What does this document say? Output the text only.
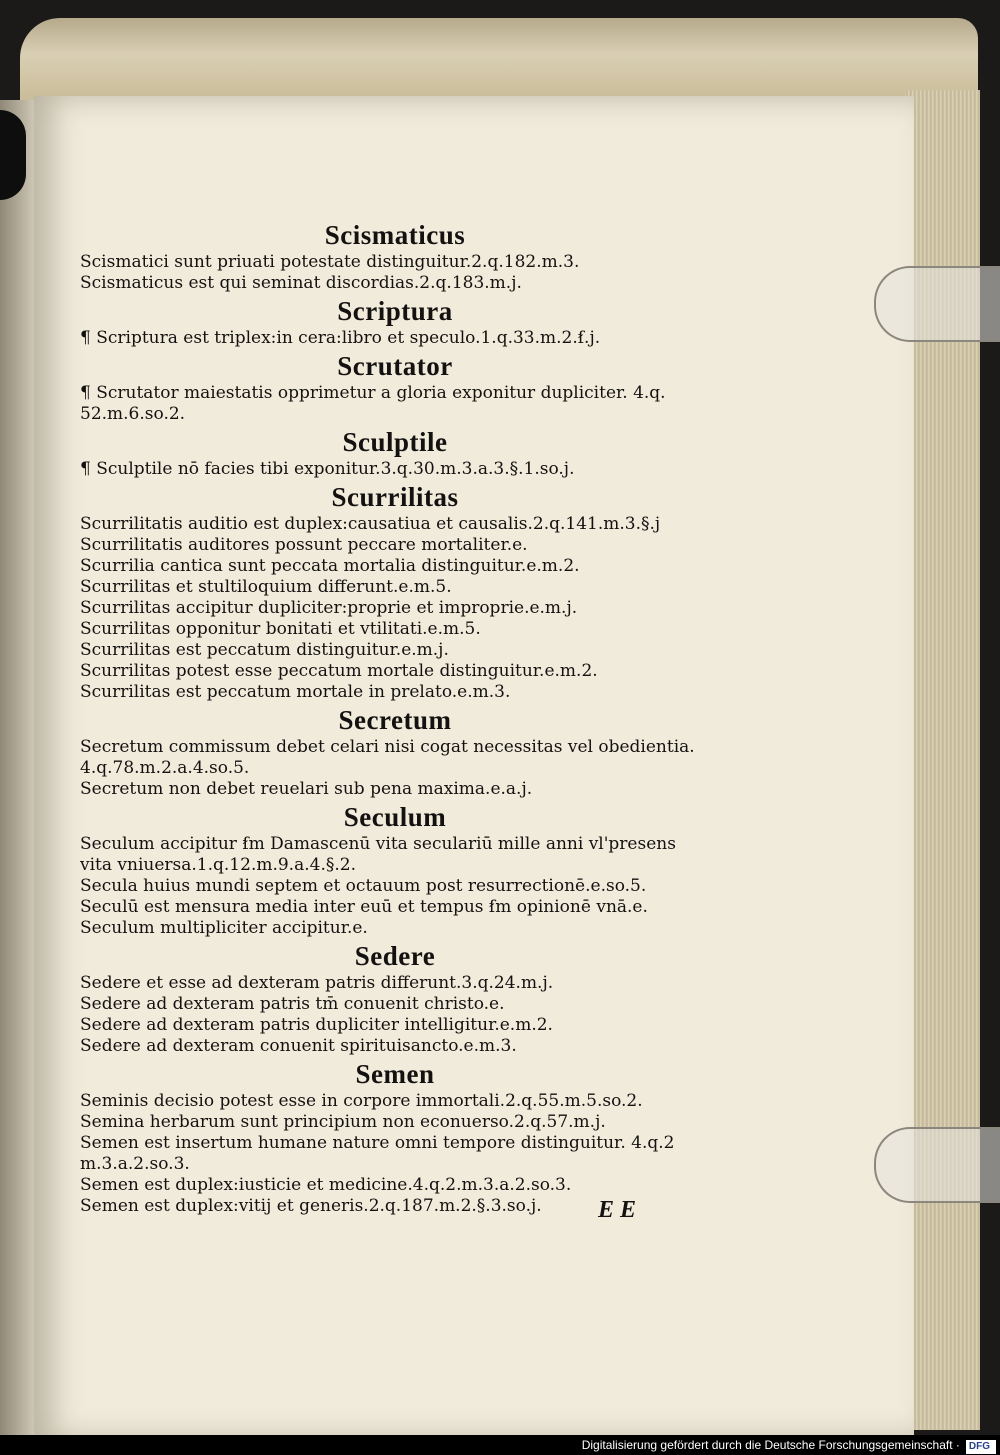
Scismaticus
Scismatici sunt priuati potestate distinguitur.2.q.182.m.3.
Scismaticus est qui seminat discordias.2.q.183.m.j.
Scriptura
¶ Scriptura est triplex:in cera:libro et speculo.1.q.33.m.2.ẜ.j.
Scrutator
¶ Scrutator maiestatis opprimetur a gloria exponitur dupliciter. 4.q. 52.m.6.so.2.
Sculptile
¶ Sculptile nō facies tibi exponitur.3.q.30.m.3.a.3.§.1.so.j.
Scurrilitas
Scurrilitatis auditio est duplex:causatiua et causalis.2.q.141.m.3.§.j
Scurrilitatis auditores possunt peccare mortaliter.e.
Scurrilia cantica sunt peccata mortalia distinguitur.e.m.2.
Scurrilitas et stultiloquium differunt.e.m.5.
Scurrilitas accipitur dupliciter:proprie et improprie.e.m.j.
Scurrilitas opponitur bonitati et vtilitati.e.m.5.
Scurrilitas est peccatum distinguitur.e.m.j.
Scurrilitas potest esse peccatum mortale distinguitur.e.m.2.
Scurrilitas est peccatum mortale in prelato.e.m.3.
Secretum
Secretum commissum debet celari nisi cogat necessitas vel obedientia. 4.q.78.m.2.a.4.so.5.
Secretum non debet reuelari sub pena maxima.e.a.j.
Seculum
Seculum accipitur ẜm Damascenū vita seculariū mille anni vl'presens vita vniuersa.1.q.12.m.9.a.4.§.2.
Secula huius mundi septem et octauum post resurrectionē.e.so.5.
Seculū est mensura media inter euū et tempus ẜm opinionē vnā.e.
Seculum multipliciter accipitur.e.
Sedere
Sedere et esse ad dexteram patris differunt.3.q.24.m.j.
Sedere ad dexteram patris tm̄ conuenit christo.e.
Sedere ad dexteram patris dupliciter intelligitur.e.m.2.
Sedere ad dexteram conuenit spirituisancto.e.m.3.
Semen
Seminis decisio potest esse in corpore immortali.2.q.55.m.5.so.2.
Semina herbarum sunt principium non econuerso.2.q.57.m.j.
Semen est insertum humane nature omni tempore distinguitur. 4.q.2 m.3.a.2.so.3.
Semen est duplex:iusticie et medicine.4.q.2.m.3.a.2.so.3.
Semen est duplex:vitij et generis.2.q.187.m.2.§.3.so.j.	E E
Digitalisierung gefördert durch die Deutsche Forschungsgemeinschaft · DFG
